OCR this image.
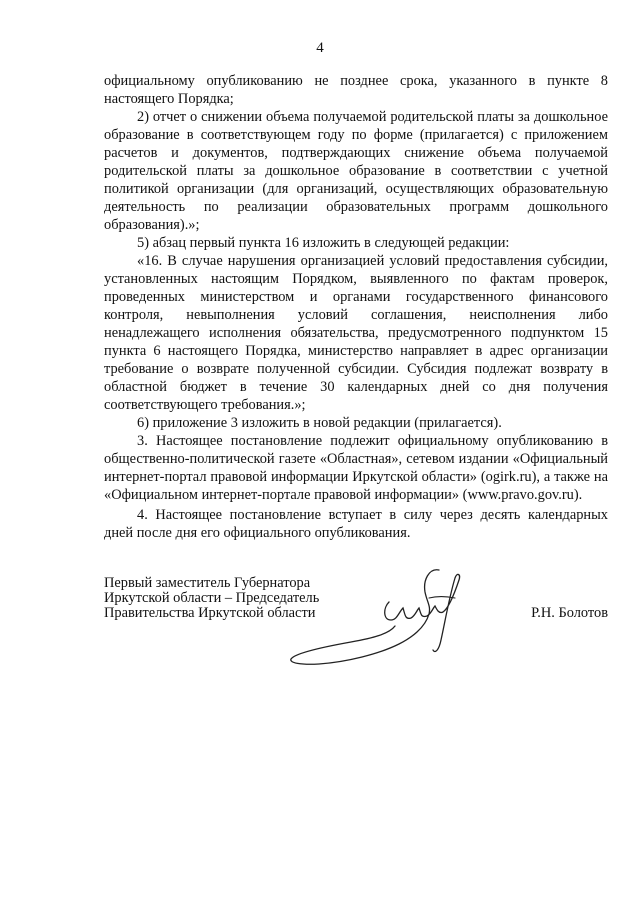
4

официальному опубликованию не позднее срока, указанного в пункте 8 настоящего Порядка;

2) отчет о снижении объема получаемой родительской платы за дошкольное образование в соответствующем году по форме (прилагается) с приложением расчетов и документов, подтверждающих снижение объема получаемой родительской платы за дошкольное образование в соответствии с учетной политикой организации (для организаций, осуществляющих образовательную деятельность по реализации образовательных программ дошкольного образования).»;

5) абзац первый пункта 16 изложить в следующей редакции:

«16. В случае нарушения организацией условий предоставления субсидии, установленных настоящим Порядком, выявленного по фактам проверок, проведенных министерством и органами государственного финансового контроля, невыполнения условий соглашения, неисполнения либо ненадлежащего исполнения обязательства, предусмотренного подпунктом 15 пункта 6 настоящего Порядка, министерство направляет в адрес организации требование о возврате полученной субсидии. Субсидия подлежат возврату в областной бюджет в течение 30 календарных дней со дня получения соответствующего требования.»;

6) приложение 3 изложить в новой редакции (прилагается).

3. Настоящее постановление подлежит официальному опубликованию в общественно-политической газете «Областная», сетевом издании «Официальный интернет-портал правовой информации Иркутской области» (ogirk.ru), а также на «Официальном интернет-портале правовой информации» (www.pravo.gov.ru).

4. Настоящее постановление вступает в силу через десять календарных дней после дня его официального опубликования.

Первый заместитель Губернатора
Иркутской области – Председатель
Правительства Иркутской области	Р.Н. Болотов
